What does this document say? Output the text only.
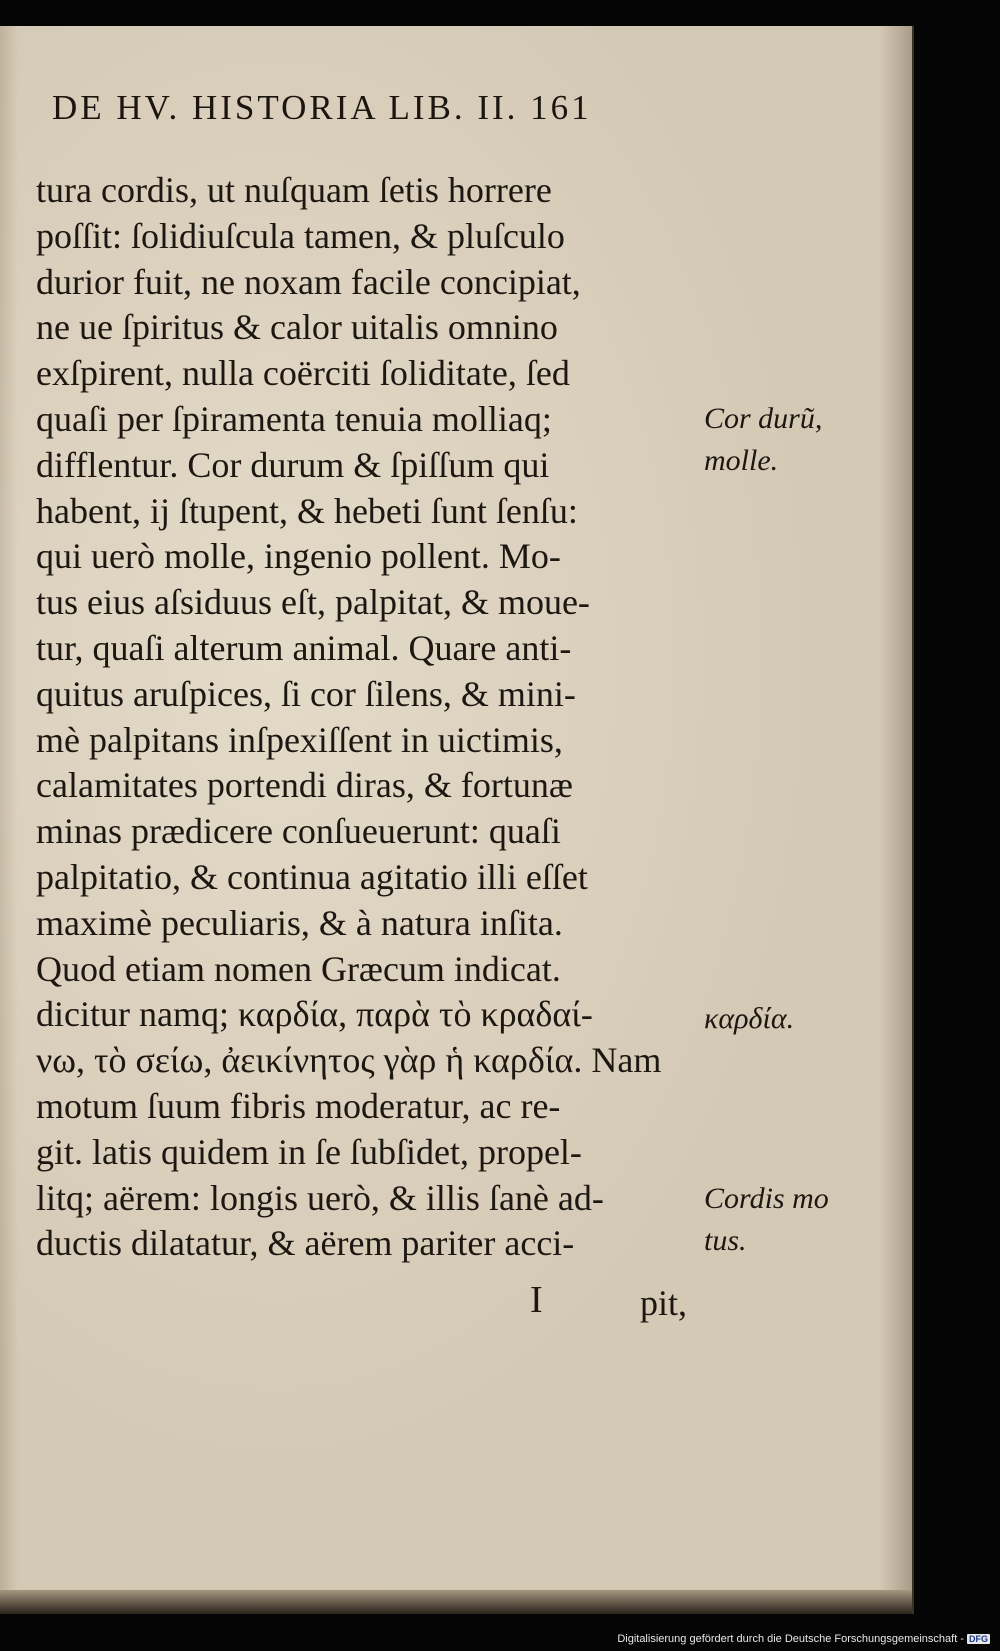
DE HV. HISTORIA LIB. II. 161
tura cordis, ut nuſquam ſetis horrere
poſſit: ſolidiuſcula tamen, & pluſculo
durior fuit, ne noxam facile concipiat,
ne ue ſpiritus & calor uitalis omnino
exſpirent, nulla coërciti ſoliditate, ſed
quaſi per ſpiramenta tenuia molliaq;
difflentur. Cor durum & ſpiſſum qui
habent, ij ſtupent, & hebeti ſunt ſenſu:
qui uerò molle, ingenio pollent. Mo-
tus eius aſsiduus eſt, palpitat, & moue-
tur, quaſi alterum animal. Quare anti-
quitus aruſpices, ſi cor ſilens, & mini-
mè palpitans inſpexiſſent in uictimis,
calamitates portendi diras, & fortunæ
minas prædicere conſueuerunt: quaſi
palpitatio, & continua agitatio illi eſſet
maximè peculiaris, & à natura inſita.
Quod etiam nomen Græcum indicat.
dicitur namq; καρδία, παρὰ τὸ κραδαί-
νω, τὸ σείω, ἀεικίνητος γὰρ ἡ καρδία. Nam
motum ſuum fibris moderatur, ac re-
git. latis quidem in ſe ſubſidet, propel-
litq; aërem: longis uerò, & illis ſanè ad-
ductis dilatatur, & aërem pariter acci-
Cor durũ,
molle.
καρδία.
Cordis mo
tus.
I	pit,
Digitalisierung gefördert durch die Deutsche Forschungsgemeinschaft - DFG
